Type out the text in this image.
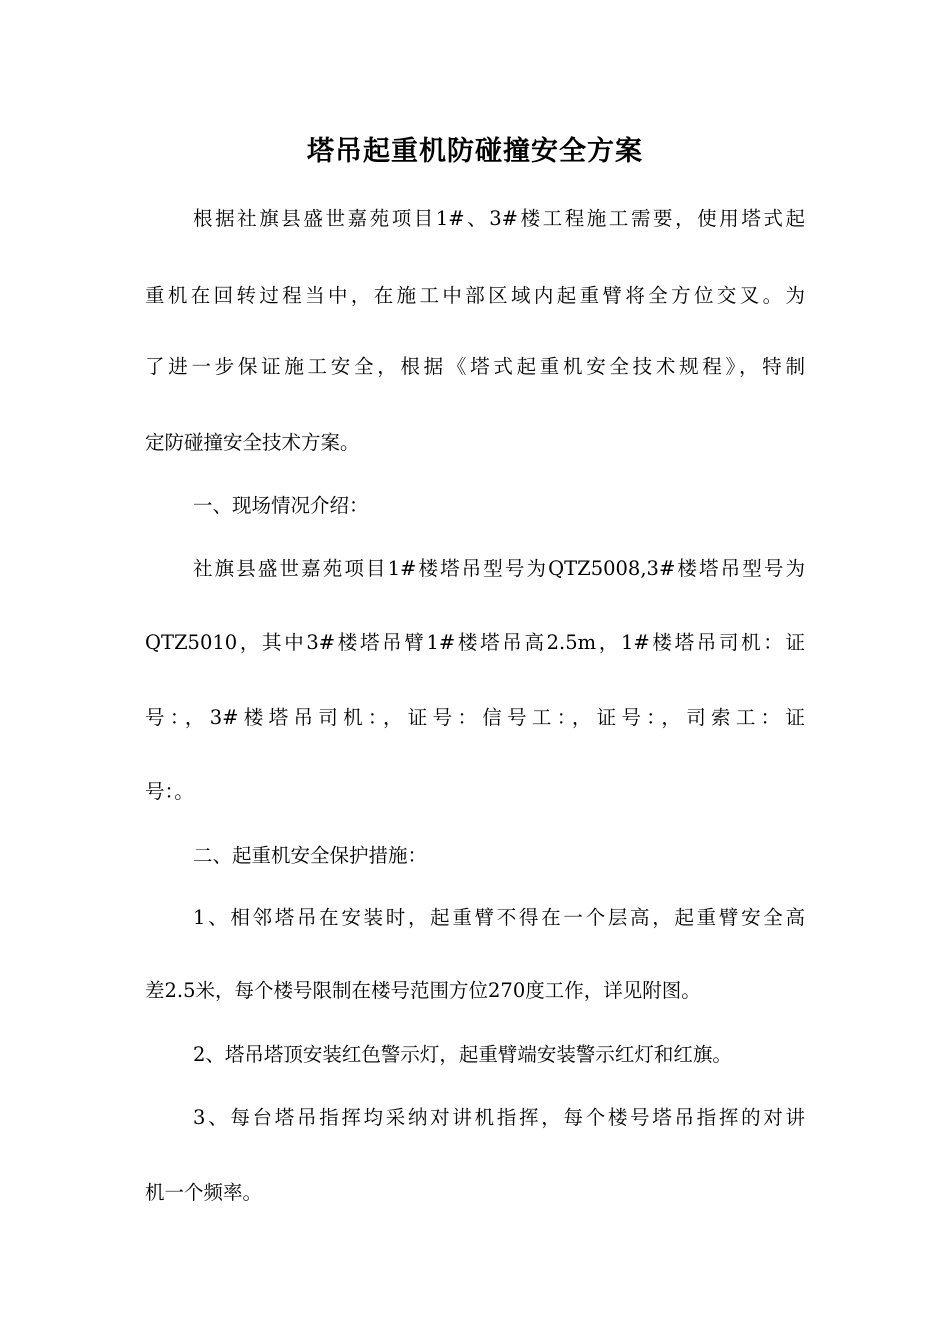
塔吊起重机防碰撞安全方案
根据社旗县盛世嘉苑项目1#、3#楼工程施工需要，使用塔式起
重机在回转过程当中，在施工中部区域内起重臂将全方位交叉。为
了进一步保证施工安全，根据《塔式起重机安全技术规程》，特制
定防碰撞安全技术方案。
一、现场情况介绍：
社旗县盛世嘉苑项目1#楼塔吊型号为QTZ5008,3#楼塔吊型号为
QTZ5010，其中3#楼塔吊臂1#楼塔吊高2.5m，1#楼塔吊司机：证
号：，3#楼塔吊司机：，证号：信号工：，证号：，司索工：证
号：。
二、起重机安全保护措施：
1、相邻塔吊在安装时，起重臂不得在一个层高，起重臂安全高
差2.5米，每个楼号限制在楼号范围方位270度工作，详见附图。
2、塔吊塔顶安装红色警示灯，起重臂端安装警示红灯和红旗。
3、每台塔吊指挥均采纳对讲机指挥，每个楼号塔吊指挥的对讲
机一个频率。
